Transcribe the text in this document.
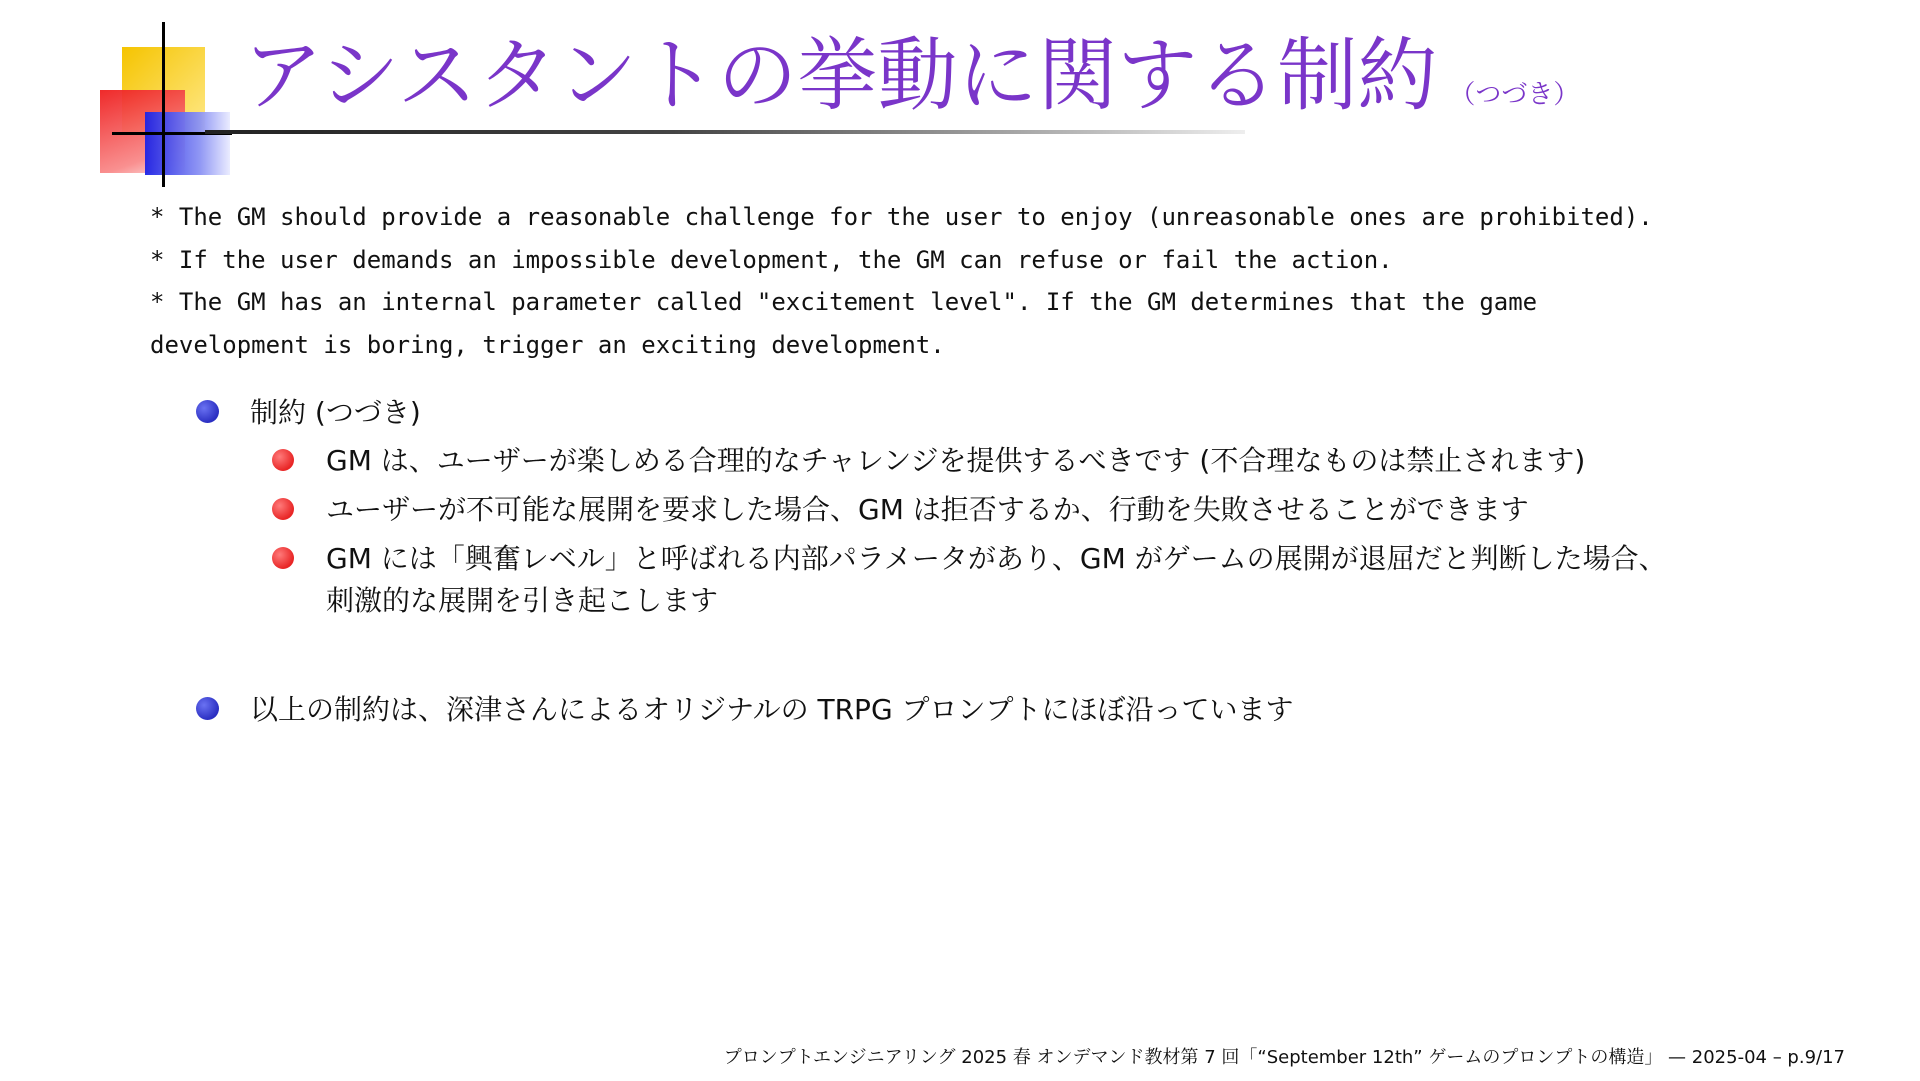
アシスタントの挙動に関する制約 （つづき）

* The GM should provide a reasonable challenge for the user to enjoy (unreasonable ones are prohibited).

* If the user demands an impossible development, the GM can refuse or fail the action.

* The GM has an internal parameter called "excitement level". If the GM determines that the game

development is boring, trigger an exciting development.

制約 (つづき)
GM は、ユーザーが楽しめる合理的なチャレンジを提供するべきです (不合理なものは禁止されます)
ユーザーが不可能な展開を要求した場合、GM は拒否するか、行動を失敗させることができます
GM には「興奮レベル」と呼ばれる内部パラメータがあり、GM がゲームの展開が退屈だと判断した場合、
刺激的な展開を引き起こします
以上の制約は、深津さんによるオリジナルの TRPG プロンプトにほぼ沿っています
プロンプトエンジニアリング 2025 春 オンデマンド教材第 7 回「“September 12th” ゲームのプロンプトの構造」 — 2025-04 – p.9/17
